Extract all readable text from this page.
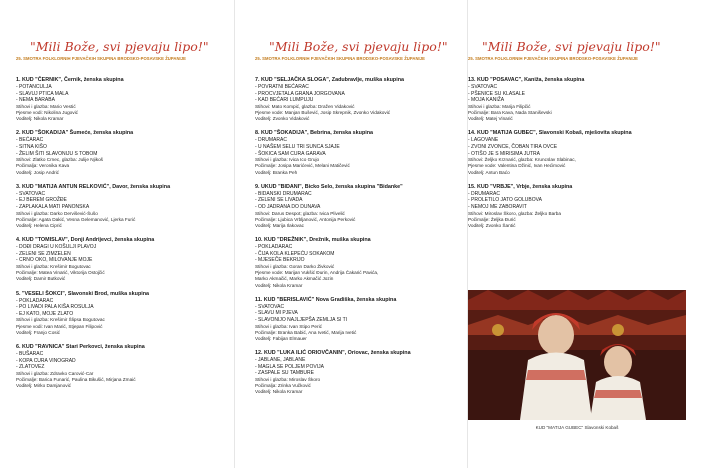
"Mili Bože, svi pjevaju lipo!"
25. SMOTRA FOLKLORNIH PJEVAČKIH SKUPINA BRODSKO-POSAVSKE ŽUPANIJE
1. KUD "ČERNIK", Černik, ženska skupina
- POTANCULJA
- SLAVUJ PTICA MALA
- NEMA BARABA
Stihovi i glazba: Mario Vestić
Pjesme vodi: Nikolina Jugović
Voditelj: Nikola Kramar
2. KUD "ŠOKADIJA" Šumeće, ženska skupina
- BEĆARAC
- SITNA KIŠO
- ŽELIM ŠITI SLAVONIJU S TOBOM
Stihovi: Zlatko Crnec, glazba: Julije Njikoš
Počimalja: Veronika Kava
Voditelj: Josip Andrić
3. KUD "MATIJA ANTUN RELKOVIĆ", Davor, ženska skupina
- SVATOVAC
- EJ BEREM GROŽĐE
- ZAPLAKALA MATI PANONSKA
Stihovi i glazba: Darko Dervišević-Šušo
Počimalje: Agata Dakić, Vesna Gelemanović, Ljerka Furić
Voditelj: Helena Ciprić
4. KUD "TOMISLAV", Donji Andrijevci, ženska skupina
- DOĐI DRAGI U KOŠULJI PLAVOJ
- ZELENI SE ZIMZELEN
- CRNO OKO, MILOVANJE MOJE
Stihovi i glazba: Krešimir Bogutovac
Počimalje: Matea Vinarić, Viktorija Ostojčić
Voditelj: Damir Butković
5. "VESELI ŠOKCI", Slavonski Brod, muška skupina
- POKLADARAC
- PO LIVADI PALA KIŠA ROSULJA
- EJ KATO, MOJE ZLATO
Stihovi i glazba: Krešimir Šlipsa Bogutovac
Pjesme vodi: Ivan Marić, Stjepan Filipović
Voditelj: Franjo Cosić
6. KUD "RAVNICA" Stari Perkovci, ženska skupina
- BUŠARAC
- KOPA CURA VINOGRAD
- ZLATOVEZ
Stihovi i glazba: Zdravko Carović-Car
Počimalje: Barica Funarić, Paulina Bikušić, Mirjana Zmaić
Voditelj: Mirko Damjanović
"Mili Bože, svi pjevaju lipo!"
25. SMOTRA FOLKLORNIH PJEVAČKIH SKUPINA BRODSKO-POSAVSKE ŽUPANIJE
7. KUD "SELJAČKA SLOGA", Zadubravlje, muška skupina
- POVRATNI BEĆARAC
- PROCVJETALA GRANA JORGOVANA
- KAD BEĆARI LUMPUJU
Stihovi: Mato Kompić, glazba: Dražen Vidaković
Pjesme vode: Manjan Bušević, Josip Skrepnik, Zvonko Vidaković
Voditelj: Zvonko Vidaković
8. KUD "ŠOKADIJA", Bebrina, ženska skupina
- DRUMARAC
- U NAŠEM SELU TRI SUNCA SJAJE
- ŠOKICA SAM CURA GARAVA
Stihovi i glazba: Ivica Ico Grujo
Počimalje: Josipa Marićević, Melani Matičević
Voditelj: Branka Peh
9. UKUD "BIDANI", Bicko Selo, ženska skupina "Bidanke"
- BIDANSKI DRUMARAC
- ZELENI SE LIVADA
- OD JADRANA DO DUNAVA
Stihovi: Darus Despot; glazba: Ivica Plivelić
Počimalje: Ljubica Vrbljanović, Antonija Perković
Voditelj: Marija Ilakovac
10. KUD "DREŽNIK", Drežnik, muška skupina
- POKLADARAC
- ČIJA KOLA KLEPEĆU SOKAKOM
- MJESEČE BEKRIJO
Stihovi i glazba: Goran Darko Živković
Pjesme vode: Marijan Vukšić Đurin, Andrija Čakarić Pavića,
Marko Akmačić, Marko Akmačić Jozin
Voditelj: Nikola Kramar
11. KUD "BERISLAVIĆ" Nova Gradiška, ženska skupina
- SVATOVAC
- SLAVU MI PJEVA
- SLAVONIJO NAJLJEPŠA ZEMLJA SI TI
Stihovi i glazba: Ivan Stipo Perić
Počimalje: Branka Babić, Ana Ivetić, Marija Ivetić
Voditelj: Fabijan Elmauer
12. KUD "LUKA ILIĆ ORIOVČANIN", Oriovac, ženska skupina
- JABLANE, JABLANE
- MAGLA SE POLJEM POVIJA
- ZASPALE SU TAMBURE
Stihovi i glazba: Miroslav Škoro
Počimalja: Zrinka Vučković
Voditelj: Nikola Kramar
"Mili Bože, svi pjevaju lipo!"
25. SMOTRA FOLKLORNIH PJEVAČKIH SKUPINA BRODSKO-POSAVSKE ŽUPANIJE
13. KUD "POSAVAC", Kaniža, ženska skupina
- SVATOVAC
- PŠENICE SU KLASALE
- MOJA KANIŽA
Stihovi i glazba: Marija Filipčić
Počimalje: Bara Kava, Nada Staniševski
Voditelj: Matej Vinarić
14. KUD "MATIJA GUBEC", Slavonski Kobaš, mješovita skupina
- LAGOVANE
- ZVONI ZVONCE, ČOBAN TIRA OVCE
- OTIŠO JE S MIRISIMA JUTRA
Stihovi: Željko Krznarić, glazba: Kruncslav Slabinac,
Pjesme vode: Valentina Džinić, Ivan Hećimović
Voditelj: Antun Baćo
15. KUD "VRBJE", Vrbje, ženska skupina
- DRUMARAC
- PROLETILO JATO GOLUBOVA
- NEMOJ ME ZABORAVIT
Stihovi: Miroslav Škoro, glazba: Željko Barba
Počimalje: Željka Đurić
Voditelj: Zvonko Šantić
KUD "MATIJA GUBEC" Slavonski Kobaš
